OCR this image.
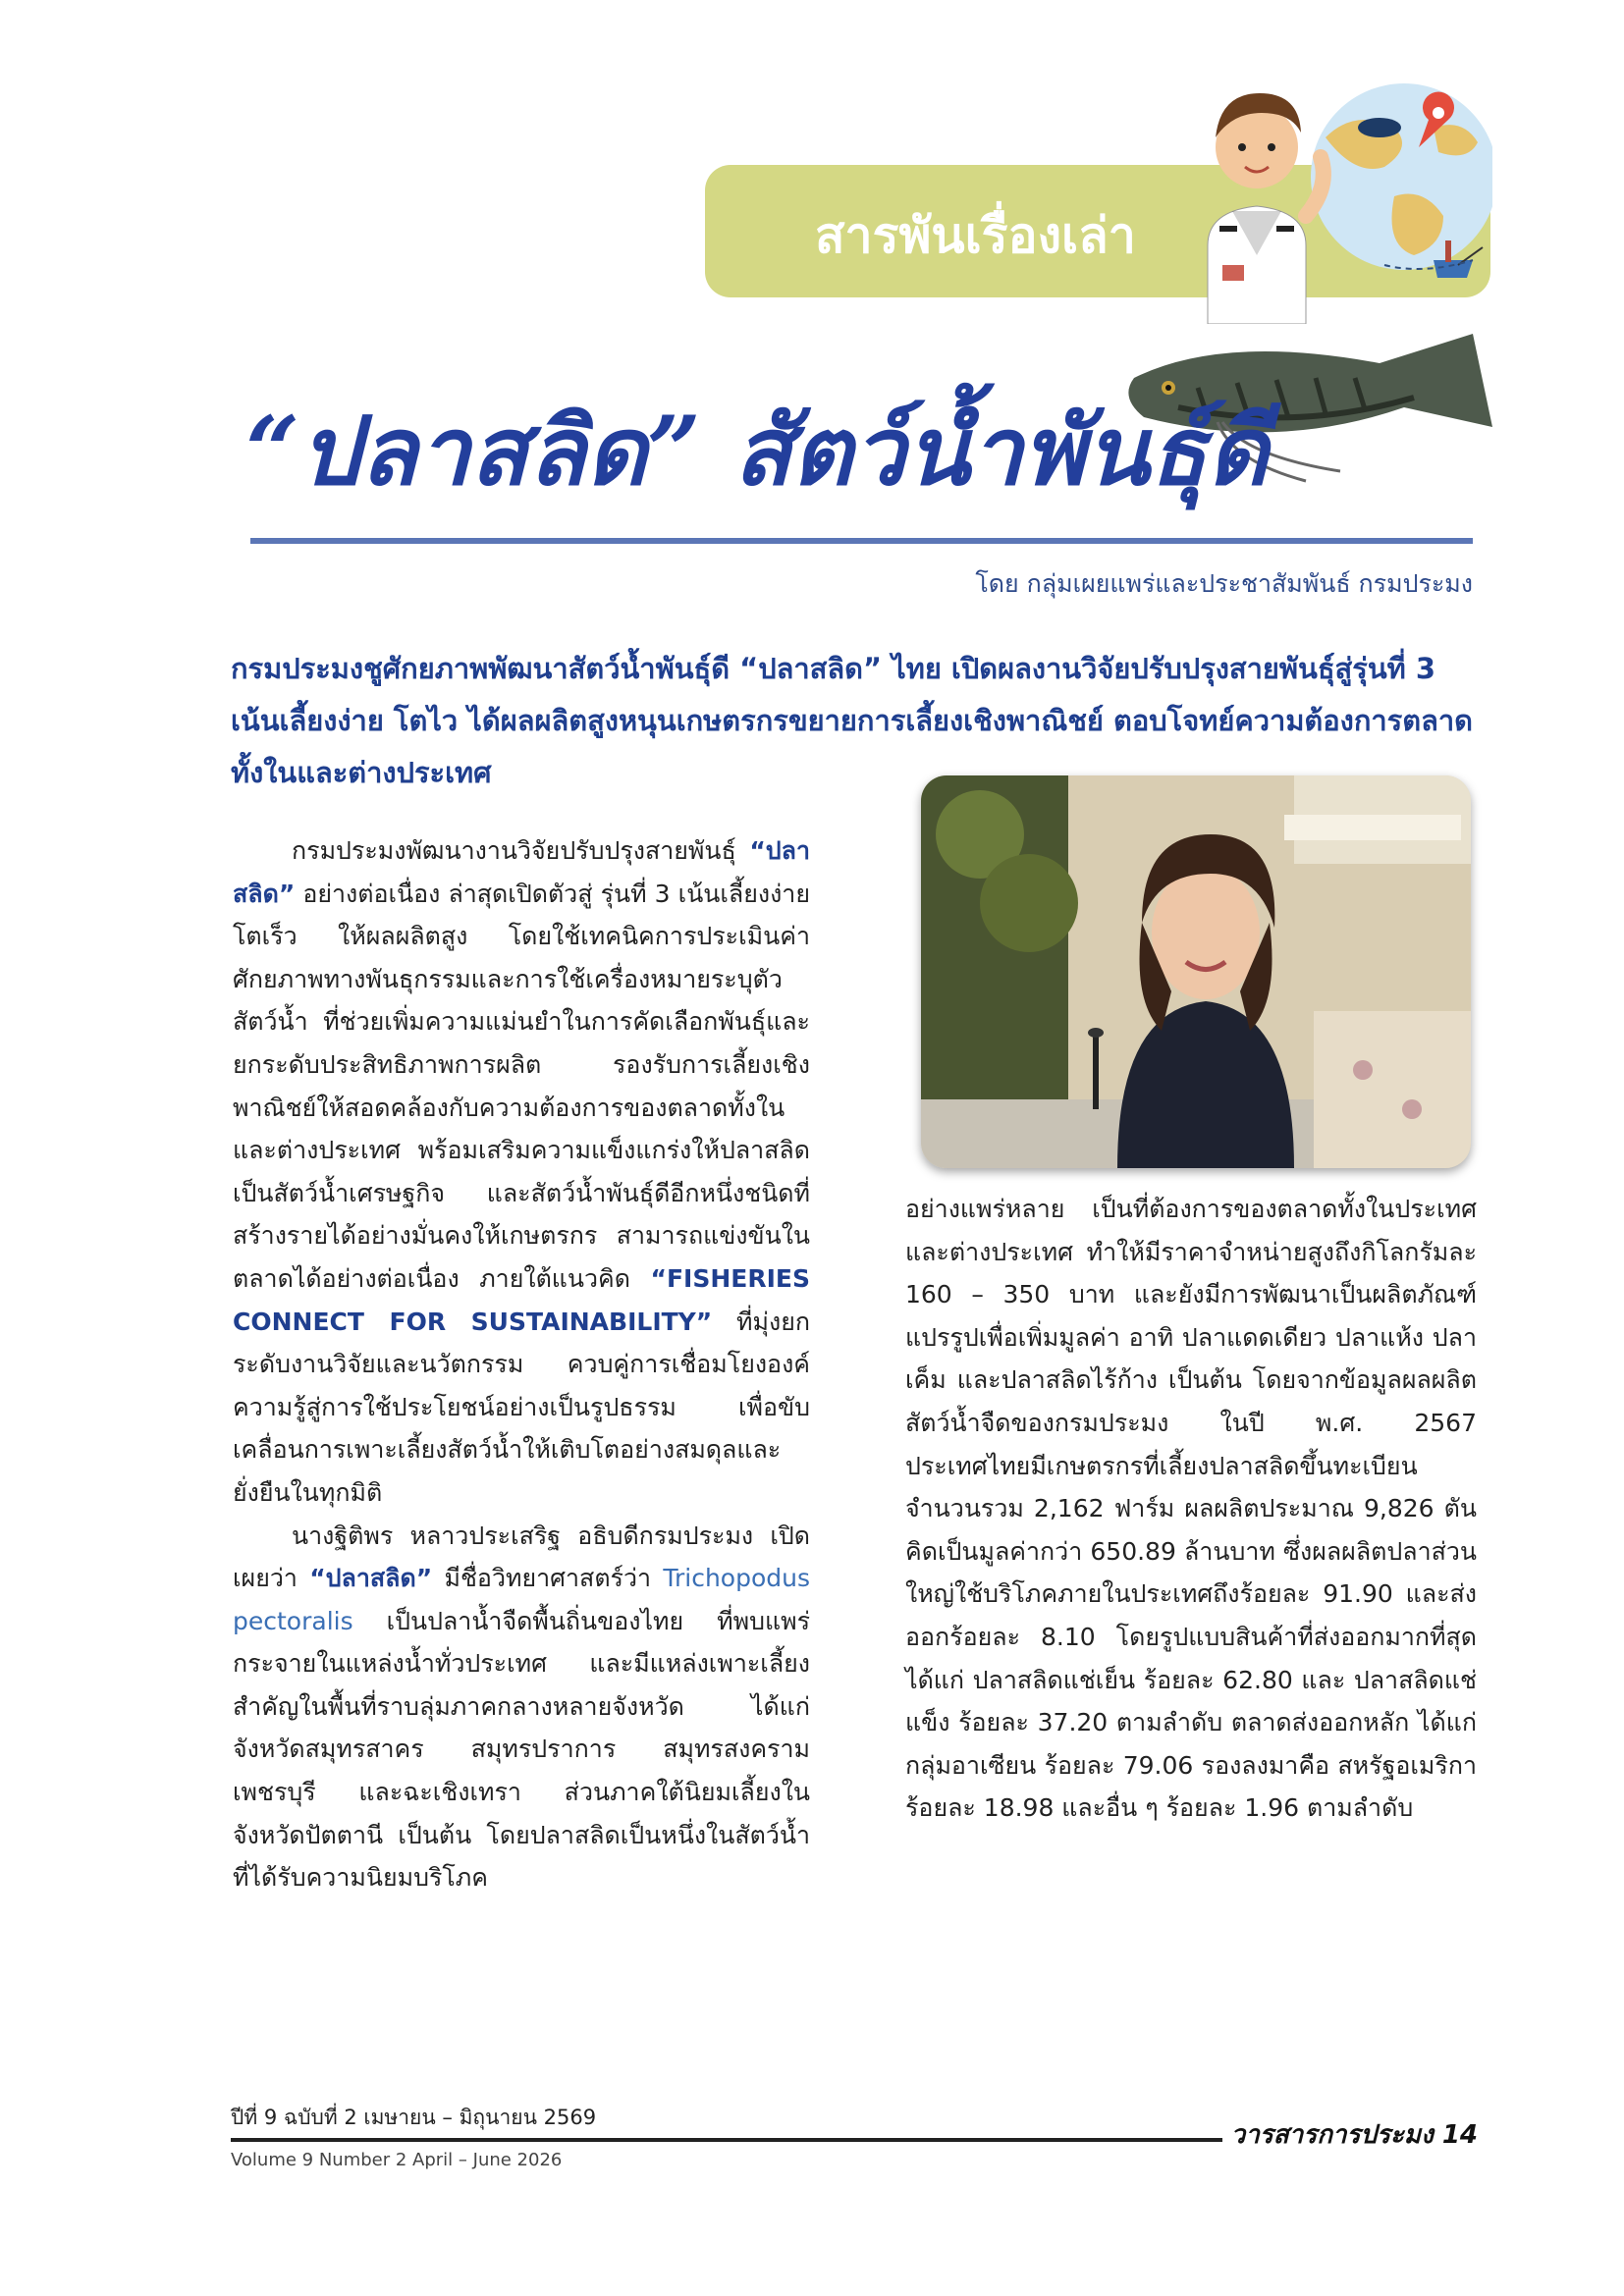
สารพันเรื่องเล่า
“ปลาสลิด” สัตว์น้ำพันธุ์ดี
โดย กลุ่มเผยแพร่และประชาสัมพันธ์ กรมประมง
กรมประมงชูศักยภาพพัฒนาสัตว์น้ำพันธุ์ดี “ปลาสลิด” ไทย เปิดผลงานวิจัยปรับปรุงสายพันธุ์สู่รุ่นที่ 3 เน้นเลี้ยงง่าย โตไว ได้ผลผลิตสูงหนุนเกษตรกรขยายการเลี้ยงเชิงพาณิชย์ ตอบโจทย์ความต้องการตลาดทั้งในและต่างประเทศ

กรมประมงพัฒนางานวิจัยปรับปรุงสายพันธุ์ “ปลาสลิด” อย่างต่อเนื่อง ล่าสุดเปิดตัวสู่ รุ่นที่ 3 เน้นเลี้ยงง่าย โตเร็ว ให้ผลผลิตสูง โดยใช้เทคนิคการประเมินค่าศักยภาพทางพันธุกรรมและการใช้เครื่องหมายระบุตัวสัตว์น้ำ ที่ช่วยเพิ่มความแม่นยำในการคัดเลือกพันธุ์และยกระดับประสิทธิภาพการผลิต รองรับการเลี้ยงเชิงพาณิชย์ให้สอดคล้องกับความต้องการของตลาดทั้งในและต่างประเทศ พร้อมเสริมความแข็งแกร่งให้ปลาสลิดเป็นสัตว์น้ำเศรษฐกิจ และสัตว์น้ำพันธุ์ดีอีกหนึ่งชนิดที่สร้างรายได้อย่างมั่นคงให้เกษตรกร สามารถแข่งขันในตลาดได้อย่างต่อเนื่อง ภายใต้แนวคิด “FISHERIES CONNECT FOR SUSTAINABILITY” ที่มุ่งยกระดับงานวิจัยและนวัตกรรม ควบคู่การเชื่อมโยงองค์ความรู้สู่การใช้ประโยชน์อย่างเป็นรูปธรรม เพื่อขับเคลื่อนการเพาะเลี้ยงสัตว์น้ำให้เติบโตอย่างสมดุลและยั่งยืนในทุกมิติ

นางฐิติพร หลาวประเสริฐ อธิบดีกรมประมง เปิดเผยว่า “ปลาสลิด” มีชื่อวิทยาศาสตร์ว่า Trichopodus pectoralis เป็นปลาน้ำจืดพื้นถิ่นของไทย ที่พบแพร่กระจายในแหล่งน้ำทั่วประเทศ และมีแหล่งเพาะเลี้ยงสำคัญในพื้นที่ราบลุ่มภาคกลางหลายจังหวัด ได้แก่ จังหวัดสมุทรสาคร สมุทรปราการ สมุทรสงคราม เพชรบุรี และฉะเชิงเทรา ส่วนภาคใต้นิยมเลี้ยงในจังหวัดปัตตานี เป็นต้น โดยปลาสลิดเป็นหนึ่งในสัตว์น้ำที่ได้รับความนิยมบริโภค

อย่างแพร่หลาย เป็นที่ต้องการของตลาดทั้งในประเทศและต่างประเทศ ทำให้มีราคาจำหน่ายสูงถึงกิโลกรัมละ 160 – 350 บาท และยังมีการพัฒนาเป็นผลิตภัณฑ์แปรรูปเพื่อเพิ่มมูลค่า อาทิ ปลาแดดเดียว ปลาแห้ง ปลาเค็ม และปลาสลิดไร้ก้าง เป็นต้น โดยจากข้อมูลผลผลิตสัตว์น้ำจืดของกรมประมง ในปี พ.ศ. 2567 ประเทศไทยมีเกษตรกรที่เลี้ยงปลาสลิดขึ้นทะเบียน จำนวนรวม 2,162 ฟาร์ม ผลผลิตประมาณ 9,826 ตัน คิดเป็นมูลค่ากว่า 650.89 ล้านบาท ซึ่งผลผลิตปลาส่วนใหญ่ใช้บริโภคภายในประเทศถึงร้อยละ 91.90 และส่งออกร้อยละ 8.10 โดยรูปแบบสินค้าที่ส่งออกมากที่สุด ได้แก่ ปลาสลิดแช่เย็น ร้อยละ 62.80 และ ปลาสลิดแช่แข็ง ร้อยละ 37.20 ตามลำดับ ตลาดส่งออกหลัก ได้แก่ กลุ่มอาเซียน ร้อยละ 79.06 รองลงมาคือ สหรัฐอเมริกา ร้อยละ 18.98 และอื่น ๆ ร้อยละ 1.96 ตามลำดับ

ปีที่ 9 ฉบับที่ 2 เมษายน – มิถุนายน 2569
Volume 9 Number 2 April – June 2026
วารสารการประมง 14
